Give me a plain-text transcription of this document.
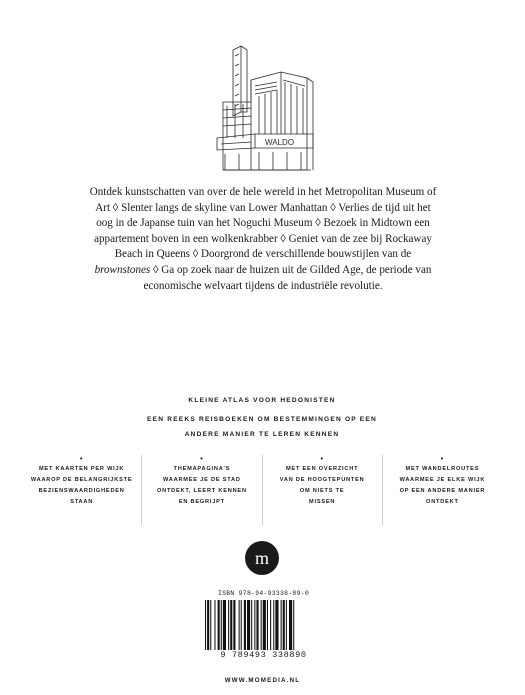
WALDO
Ontdek kunstschatten van over de hele wereld in het Metropolitan Museum of Art ◊ Slenter langs de skyline van Lower Manhattan ◊ Verlies de tijd uit het oog in de Japanse tuin van het Noguchi Museum ◊ Bezoek in Midtown een appartement boven in een wolkenkrabber ◊ Geniet van de zee bij Rockaway Beach in Queens ◊ Doorgrond de verschillende bouwstijlen van de brownstones ◊ Ga op zoek naar de huizen uit de Gilded Age, de periode van economische welvaart tijdens de industriële revolutie.
KLEINE ATLAS VOOR HEDONISTEN
EEN REEKS REISBOEKEN OM BESTEMMINGEN OP EEN
ANDERE MANIER TE LEREN KENNEN
•
MET KAARTEN PER WIJK
WAAROP DE BELANGRIJKSTE
BEZIENSWAARDIGHEDEN
STAAN
•
THEMAPAGINA'S
WAARMEE JE DE STAD
ONTDEKT, LEERT KENNEN
EN BEGRIJPT
•
MET EEN OVERZICHT
VAN DE HOOGTEPUNTEN
OM NIETS TE
MISSEN
•
MET WANDELROUTES
WAARMEE JE ELKE WIJK
OP EEN ANDERE MANIER
ONTDEKT
m
ISBN 978-94-93338-89-0
9 789493 338890
WWW.MOMEDIA.NL
